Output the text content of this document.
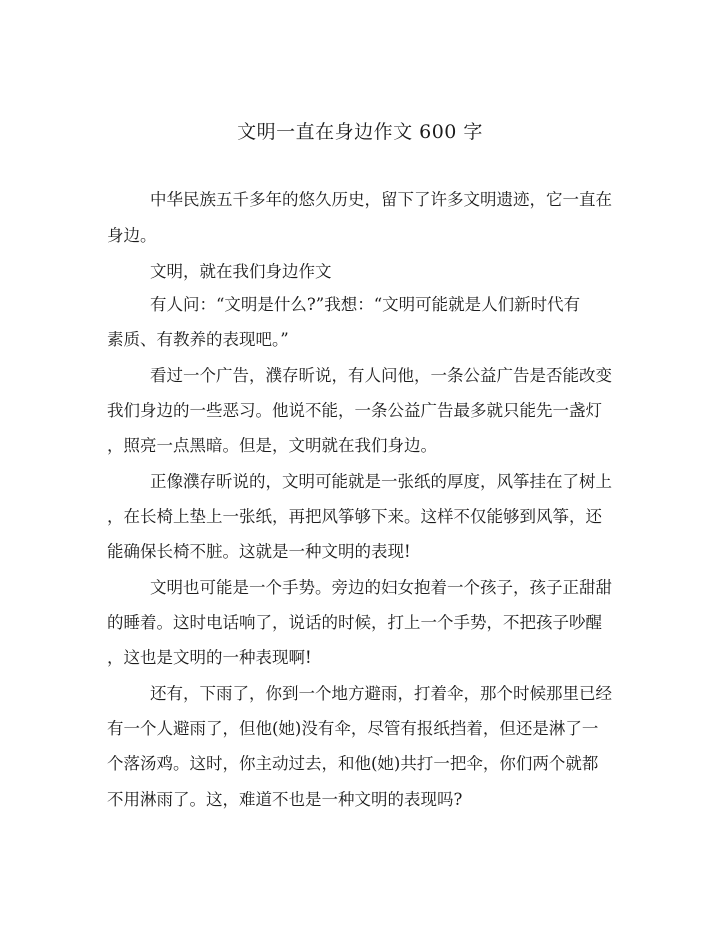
文明一直在身边作文 600 字
中华民族五千多年的悠久历史，留下了许多文明遗迹，它一直在
身边。
文明，就在我们身边作文
有人问：“文明是什么?”我想：“文明可能就是人们新时代有
素质、有教养的表现吧。”
看过一个广告，濮存昕说，有人问他，一条公益广告是否能改变
我们身边的一些恶习。他说不能，一条公益广告最多就只能先一盏灯
，照亮一点黑暗。但是，文明就在我们身边。
正像濮存昕说的，文明可能就是一张纸的厚度，风筝挂在了树上
，在长椅上垫上一张纸，再把风筝够下来。这样不仅能够到风筝，还
能确保长椅不脏。这就是一种文明的表现!
文明也可能是一个手势。旁边的妇女抱着一个孩子，孩子正甜甜
的睡着。这时电话响了，说话的时候，打上一个手势，不把孩子吵醒
，这也是文明的一种表现啊!
还有，下雨了，你到一个地方避雨，打着伞，那个时候那里已经
有一个人避雨了，但他(她)没有伞，尽管有报纸挡着，但还是淋了一
个落汤鸡。这时，你主动过去，和他(她)共打一把伞，你们两个就都
不用淋雨了。这，难道不也是一种文明的表现吗?
